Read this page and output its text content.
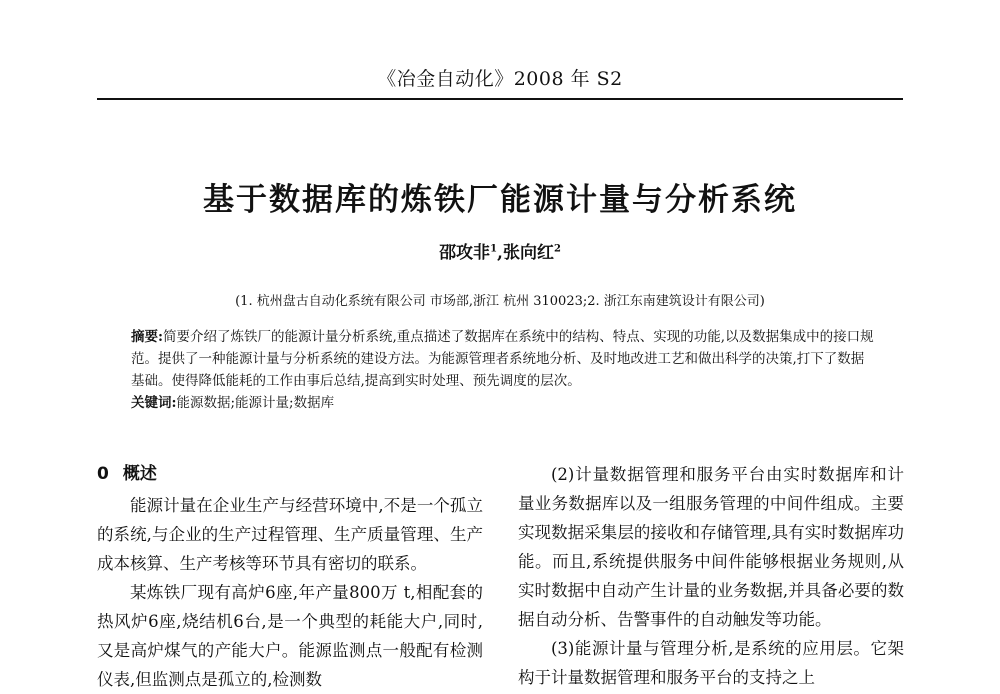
《冶金自动化》2008 年 S2
基于数据库的炼铁厂能源计量与分析系统
邵攻非$^1$,张向红$^2$
(1. 杭州盘古自动化系统有限公司 市场部,浙江 杭州 310023;2. 浙江东南建筑设计有限公司)

摘要:简要介绍了炼铁厂的能源计量分析系统,重点描述了数据库在系统中的结构、特点、实现的功能,以及数据集成中的接口规范。提供了一种能源计量与分析系统的建设方法。为能源管理者系统地分析、及时地改进工艺和做出科学的决策,打下了数据基础。使得降低能耗的工作由事后总结,提高到实时处理、预先调度的层次。

关键词:能源数据;能源计量;数据库

0 概述

能源计量在企业生产与经营环境中,不是一个孤立的系统,与企业的生产过程管理、生产质量管理、生产成本核算、生产考核等环节具有密切的联系。

某炼铁厂现有高炉6座,年产量800万 t,相配套的热风炉6座,烧结机6台,是一个典型的耗能大户,同时,又是高炉煤气的产能大户。能源监测点一般配有检测仪表,但监测点是孤立的,检测数

(2)计量数据管理和服务平台由实时数据库和计量业务数据库以及一组服务管理的中间件组成。主要实现数据采集层的接收和存储管理,具有实时数据库功能。而且,系统提供服务中间件能够根据业务规则,从实时数据中自动产生计量的业务数据,并具备必要的数据自动分析、告警事件的自动触发等功能。

(3)能源计量与管理分析,是系统的应用层。它架构于计量数据管理和服务平台的支持之上
